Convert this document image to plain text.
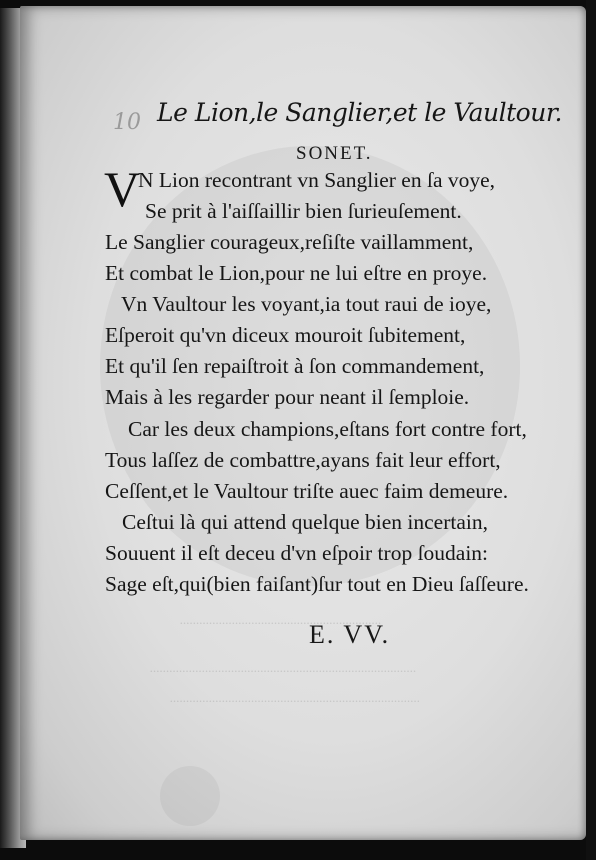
..............................................................
..................................................................................
.............................................................................
10 Le Lion,le Sanglier,et le Vaultour.
SONET.
V
N Lion recontrant vn Sanglier en ſa voye,
Se prit à l'aiſſaillir bien ſurieuſement.
Le Sanglier courageux,reſiſte vaillamment,
Et combat le Lion,pour ne lui eſtre en proye.
Vn Vaultour les voyant,ia tout raui de ioye,
Eſperoit qu'vn diceux mouroit ſubitement,
Et qu'il ſen repaiſtroit à ſon commandement,
Mais à les regarder pour neant il ſemploie.
Car les deux champions,eſtans fort contre fort,
Tous laſſez de combattre,ayans fait leur effort,
Ceſſent,et le Vaultour triſte auec faim demeure.
Ceſtui là qui attend quelque bien incertain,
Souuent il eſt deceu d'vn eſpoir trop ſoudain:
Sage eſt,qui(bien faiſant)ſur tout en Dieu ſaſſeure.
E. VV.
